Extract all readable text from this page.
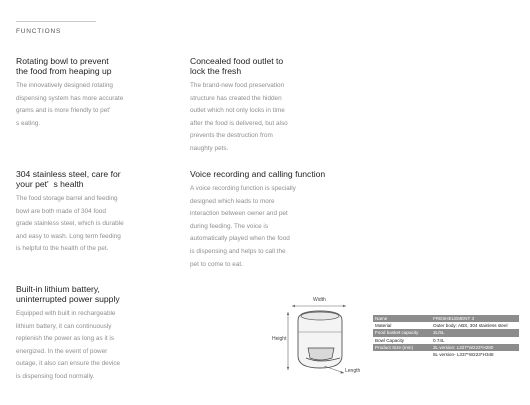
FUNCTIONS
Rotating bowl to prevent
the food from heaping up

The innovatively designed rotating
dispensing system has more accurate
grams and is more friendly to pet'
s eating.

Concealed food outlet to
lock the fresh

The brand-new food preservation
structure has created the hidden
outlet which not only locks in time
after the food is delivered, but also
prevents the destruction from
naughty pets.

304 stainless steel, care for
your pet'  s health

The food storage barrel and feeding
bowl are both made of 304 food
grade stainless steel, which is durable
and easy to wash. Long term feeding
is helpful to the health of the pet.

Voice recording and calling function

A voice recording function is specially
designed which leads to more
interaction between owner and pet
during feeding. The voice is
automatically played when the food
is dispensing and helps to call the
pet to come to eat.

Built-in lithium battery,
uninterrupted power supply

Equipped with built in rechargeable
lithium battery, it can continuously
replenish the power as long as it is
energized. In the event of power
outage, it also can ensure the device
is dispensing food normally.

Width
Height
Length
Name	FRESHELEMENT 3
Material	Outer body: ABS, 304 stainless steel
Food basket capacity	3L/5L
Bowl Capacity	0.74L
Product Size (mm)	3L version: L337*W223*H280
	5L version- L337*W223*H348
